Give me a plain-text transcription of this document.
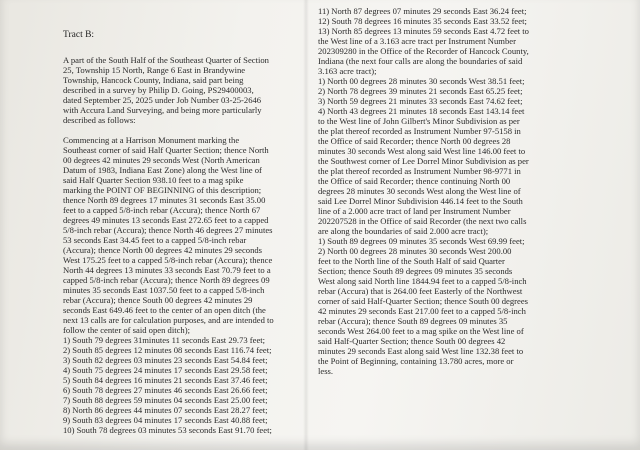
Tract B:
A part of the South Half of the Southeast Quarter of Section
25, Township 15 North, Range 6 East in Brandywine
Township, Hancock County, Indiana, said part being
described in a survey by Philip D. Going, PS29400003,
dated September 25, 2025 under Job Number 03-25-2646
with Accura Land Surveying, and being more particularly
described as follows:
Commencing at a Harrison Monument marking the
Southeast corner of said Half Quarter Section; thence North
00 degrees 42 minutes 29 seconds West (North American
Datum of 1983, Indiana East Zone) along the West line of
said Half Quarter Section 938.10 feet to a mag spike
marking the POINT OF BEGINNING of this description;
thence North 89 degrees 17 minutes 31 seconds East 35.00
feet to a capped 5/8-inch rebar (Accura); thence North 67
degrees 49 minutes 13 seconds East 272.65 feet to a capped
5/8-inch rebar (Accura); thence North 46 degrees 27 minutes
53 seconds East 34.45 feet to a capped 5/8-inch rebar
(Accura); thence North 00 degrees 42 minutes 29 seconds
West 175.25 feet to a capped 5/8-inch rebar (Accura); thence
North 44 degrees 13 minutes 33 seconds East 70.79 feet to a
capped 5/8-inch rebar (Accura); thence North 89 degrees 09
minutes 35 seconds East 1037.50 feet to a capped 5/8-inch
rebar (Accura); thence South 00 degrees 42 minutes 29
seconds East 649.46 feet to the center of an open ditch (the
next 13 calls are for calculation purposes, and are intended to
follow the center of said open ditch);
1) South 79 degrees 31minutes 11 seconds East 29.73 feet;
2) South 85 degrees 12 minutes 08 seconds East 116.74 feet;
3) South 82 degrees 03 minutes 23 seconds East 54.84 feet;
4) South 75 degrees 24 minutes 17 seconds East 29.58 feet;
5) South 84 degrees 16 minutes 21 seconds East 37.46 feet;
6) South 78 degrees 27 minutes 46 seconds East 26.66 feet;
7) South 88 degrees 59 minutes 04 seconds East 25.00 feet;
8) North 86 degrees 44 minutes 07 seconds East 28.27 feet;
9) South 83 degrees 04 minutes 17 seconds East 40.88 feet;
10) South 78 degrees 03 minutes 53 seconds East 91.70 feet;
11) North 87 degrees 07 minutes 29 seconds East 36.24 feet;
12) South 78 degrees 16 minutes 35 seconds East 33.52 feet;
13) North 85 degrees 13 minutes 59 seconds East 4.72 feet to
the West line of a 3.163 acre tract per Instrument Number
202309280 in the Office of the Recorder of Hancock County,
Indiana (the next four calls are along the boundaries of said
3.163 acre tract);
1) North 00 degrees 28 minutes 30 seconds West 38.51 feet;
2) North 78 degrees 39 minutes 21 seconds East 65.25 feet;
3) North 59 degrees 21 minutes 33 seconds East 74.62 feet;
4) North 43 degrees 21 minutes 18 seconds East 143.14 feet
to the West line of John Gilbert's Minor Subdivision as per
the plat thereof recorded as Instrument Number 97-5158 in
the Office of said Recorder; thence North 00 degrees 28
minutes 30 seconds West along said West line 146.00 feet to
the Southwest corner of Lee Dorrel Minor Subdivision as per
the plat thereof recorded as Instrument Number 98-9771 in
the Office of said Recorder; thence continuing North 00
degrees 28 minutes 30 seconds West along the West line of
said Lee Dorrel Minor Subdivision 446.14 feet to the South
line of a 2.000 acre tract of land per Instrument Number
202207528 in the Office of said Recorder (the next two calls
are along the boundaries of said 2.000 acre tract);
1) South 89 degrees 09 minutes 35 seconds West 69.99 feet;
2) North 00 degrees 28 minutes 30 seconds West 200.00
feet to the North line of the South Half of said Quarter
Section; thence South 89 degrees 09 minutes 35 seconds
West along said North line 1844.94 feet to a capped 5/8-inch
rebar (Accura) that is 264.00 feet Easterly of the Northwest
corner of said Half-Quarter Section; thence South 00 degrees
42 minutes 29 seconds East 217.00 feet to a capped 5/8-inch
rebar (Accura); thence South 89 degrees 09 minutes 35
seconds West 264.00 feet to a mag spike on the West line of
said Half-Quarter Section; thence South 00 degrees 42
minutes 29 seconds East along said West line 132.38 feet to
the Point of Beginning, containing 13.780 acres, more or
less.
